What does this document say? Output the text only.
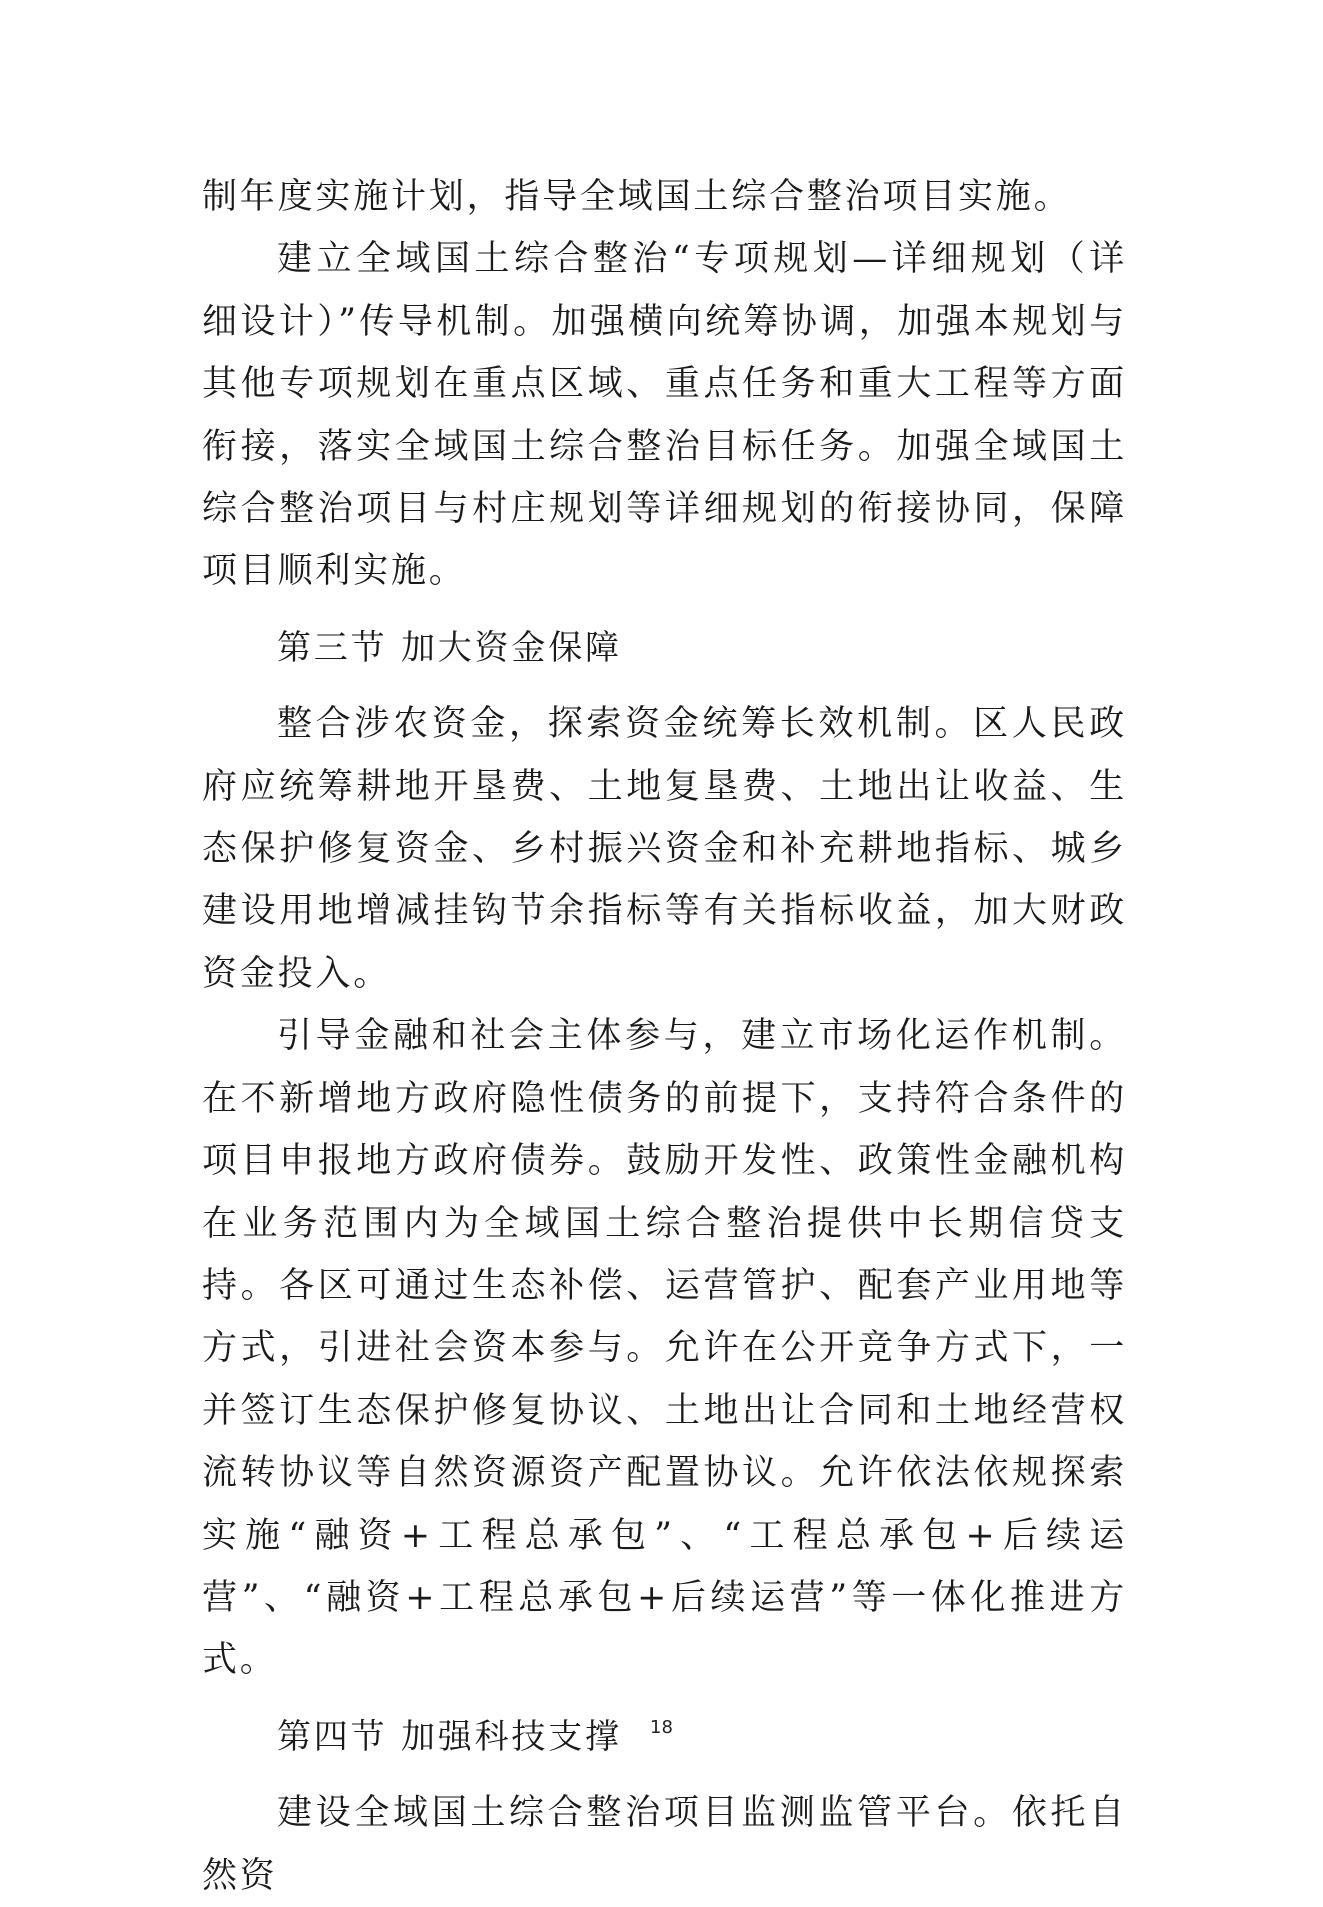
制年度实施计划，指导全域国土综合整治项目实施。

建立全域国土综合整治“专项规划—详细规划（详细设计）”传导机制。加强横向统筹协调，加强本规划与其他专项规划在重点区域、重点任务和重大工程等方面衔接，落实全域国土综合整治目标任务。加强全域国土综合整治项目与村庄规划等详细规划的衔接协同，保障项目顺利实施。

第三节 加大资金保障

整合涉农资金，探索资金统筹长效机制。区人民政府应统筹耕地开垦费、土地复垦费、土地出让收益、生态保护修复资金、乡村振兴资金和补充耕地指标、城乡建设用地增减挂钩节余指标等有关指标收益，加大财政资金投入。

引导金融和社会主体参与，建立市场化运作机制。在不新增地方政府隐性债务的前提下，支持符合条件的项目申报地方政府债券。鼓励开发性、政策性金融机构在业务范围内为全域国土综合整治提供中长期信贷支持。各区可通过生态补偿、运营管护、配套产业用地等方式，引进社会资本参与。允许在公开竞争方式下，一并签订生态保护修复协议、土地出让合同和土地经营权流转协议等自然资源资产配置协议。允许依法依规探索实施“融资+工程总承包”、“工程总承包+后续运营”、“融资+工程总承包+后续运营”等一体化推进方式。

第四节 加强科技支撑

建设全域国土综合整治项目监测监管平台。依托自然资

18
